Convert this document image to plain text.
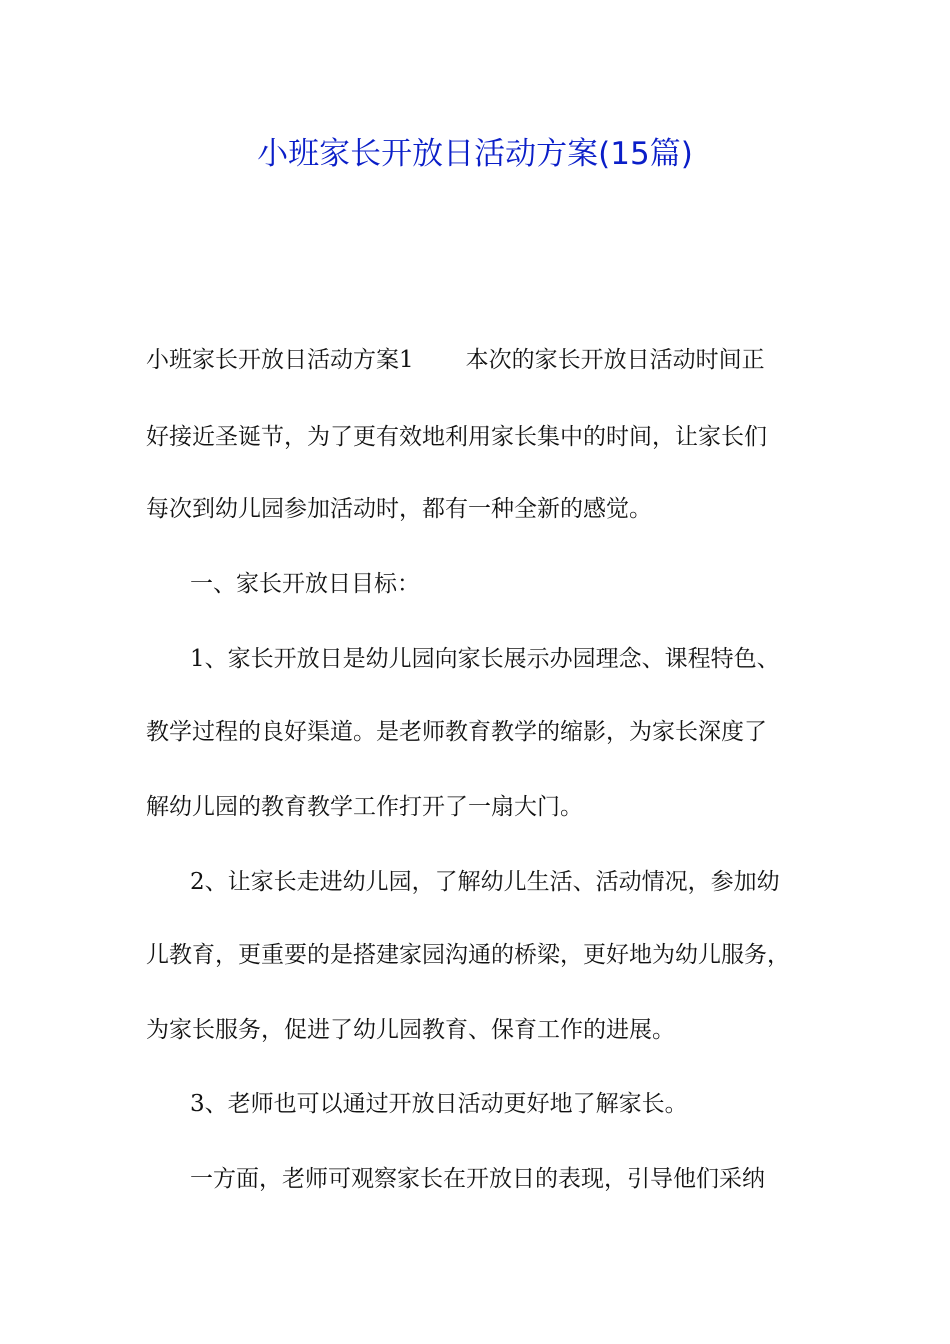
小班家长开放日活动方案(15篇)
小班家长开放日活动方案1 本次的家长开放日活动时间正
好接近圣诞节，为了更有效地利用家长集中的时间，让家长们
每次到幼儿园参加活动时，都有一种全新的感觉。
一、家长开放日目标：
1、家长开放日是幼儿园向家长展示办园理念、课程特色、
教学过程的良好渠道。是老师教育教学的缩影，为家长深度了
解幼儿园的教育教学工作打开了一扇大门。
2、让家长走进幼儿园，了解幼儿生活、活动情况，参加幼
儿教育，更重要的是搭建家园沟通的桥梁，更好地为幼儿服务，
为家长服务，促进了幼儿园教育、保育工作的进展。
3、老师也可以通过开放日活动更好地了解家长。
一方面，老师可观察家长在开放日的表现，引导他们采纳
